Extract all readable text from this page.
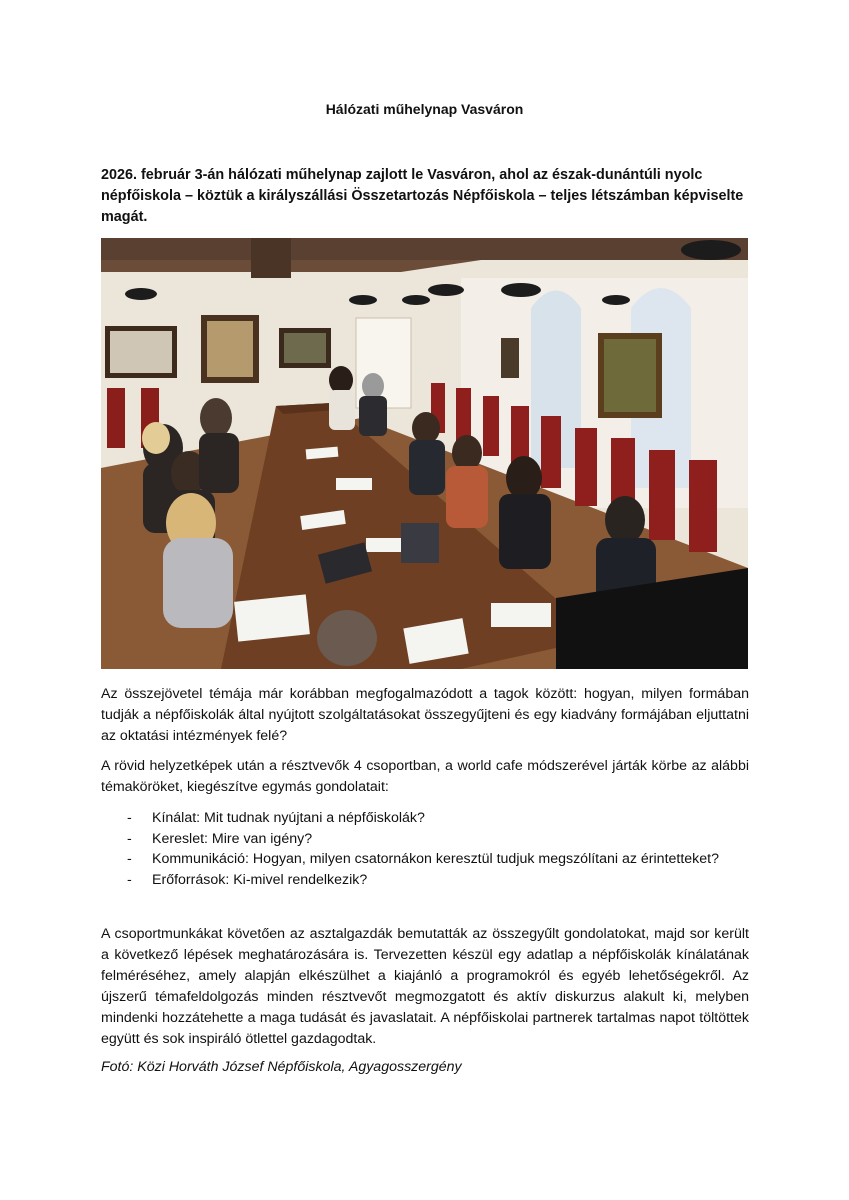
Hálózati műhelynap Vasváron
2026. február 3-án hálózati műhelynap zajlott le Vasváron, ahol az észak-dunántúli nyolc népfőiskola – köztük a királyszállási Összetartozás Népfőiskola – teljes létszámban képviselte magát.
Az összejövetel témája már korábban megfogalmazódott a tagok között: hogyan, milyen formában tudják a népfőiskolák által nyújtott szolgáltatásokat összegyűjteni és egy kiadvány formájában eljuttatni az oktatási intézmények felé?
A rövid helyzetképek után a résztvevők 4 csoportban, a world cafe módszerével járták körbe az alábbi témaköröket, kiegészítve egymás gondolatait:
- Kínálat: Mit tudnak nyújtani a népfőiskolák?
- Kereslet: Mire van igény?
- Kommunikáció: Hogyan, milyen csatornákon keresztül tudjuk megszólítani az érintetteket?
- Erőforrások: Ki-mivel rendelkezik?
A csoportmunkákat követően az asztalgazdák bemutatták az összegyűlt gondolatokat, majd sor került a következő lépések meghatározására is. Tervezetten készül egy adatlap a népfőiskolák kínálatának felméréséhez, amely alapján elkészülhet a kiajánló a programokról és egyéb lehetőségekről. Az újszerű témafeldolgozás minden résztvevőt megmozgatott és aktív diskurzus alakult ki, melyben mindenki hozzátehette a maga tudását és javaslatait. A népfőiskolai partnerek tartalmas napot töltöttek együtt és sok inspiráló ötlettel gazdagodtak.
Fotó: Közi Horváth József Népfőiskola, Agyagosszergény
